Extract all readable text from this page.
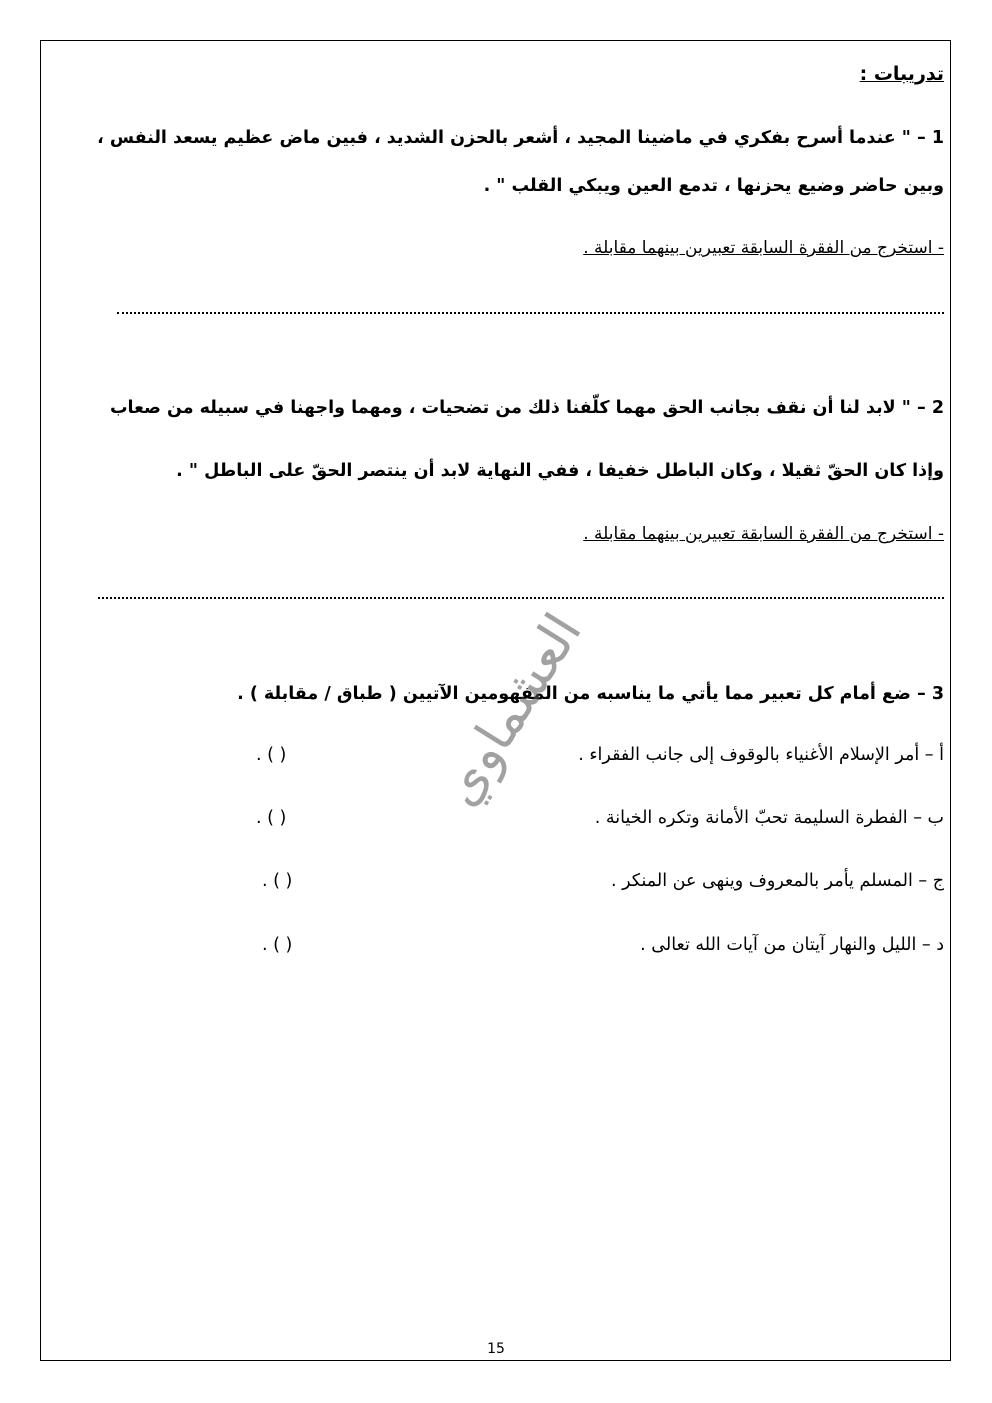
تدريبات :
1 – " عندما أسرح بفكري في ماضينا المجيد ، أشعر بالحزن الشديد ، فبين ماض عظيم يسعد النفس ،
وبين حاضر وضيع يحزنها ، تدمع العين ويبكي القلب " .
- استخرج من الفقرة السابقة تعبيرين بينهما مقابلة .
2 – " لابد لنا أن نقف بجانب الحق مهما كلّفنا ذلك من تضحيات ، ومهما واجهنا في سبيله من صعاب
وإذا كان الحقّ ثقيلا ، وكان الباطل خفيفا ، ففي النهاية لابد أن ينتصر الحقّ على الباطل " .
- استخرج من الفقرة السابقة تعبيرين بينهما مقابلة .
3 – ضع أمام كل تعبير مما يأتي ما يناسبه من المفهومين الآتيين ( طباق / مقابلة ) .
أ – أمر الإسلام الأغنياء بالوقوف إلى جانب الفقراء .
( ) .
ب – الفطرة السليمة تحبّ الأمانة وتكره الخيانة .
( ) .
ج – المسلم يأمر بالمعروف وينهى عن المنكر .
( ) .
د – الليل والنهار آيتان من آيات الله تعالى .
( ) .
العشماوي
15
